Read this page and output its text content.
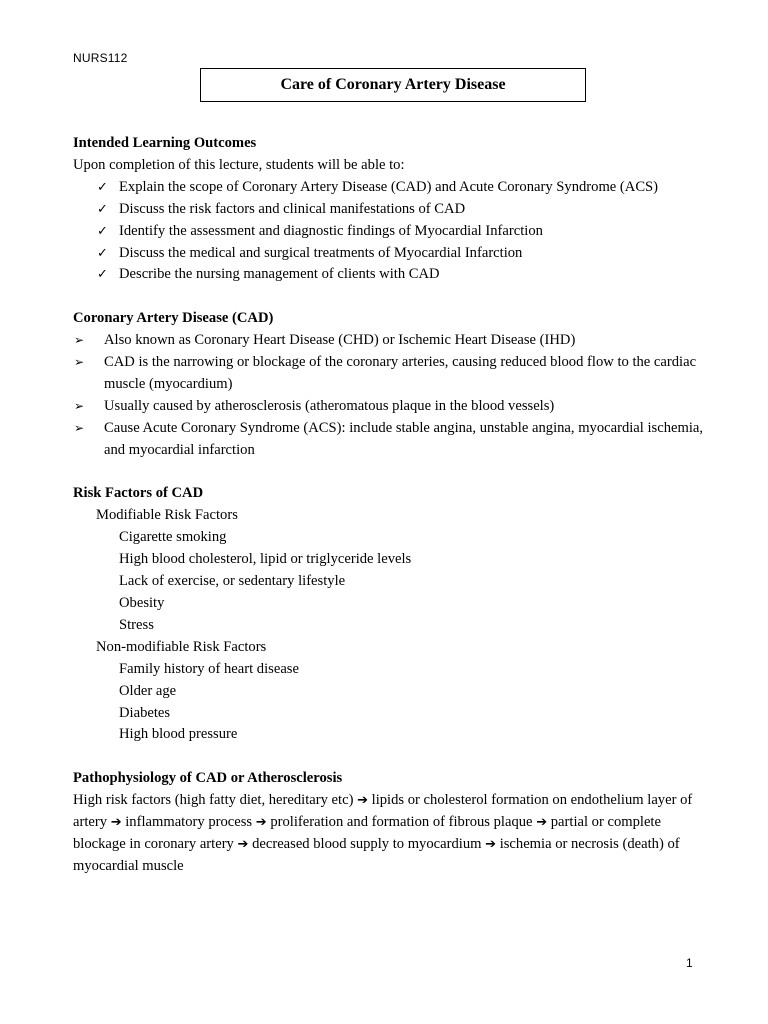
NURS112
Care of Coronary Artery Disease

Intended Learning Outcomes

Upon completion of this lecture, students will be able to:

✓ Explain the scope of Coronary Artery Disease (CAD) and Acute Coronary Syndrome (ACS)
✓ Discuss the risk factors and clinical manifestations of CAD
✓ Identify the assessment and diagnostic findings of Myocardial Infarction
✓ Discuss the medical and surgical treatments of Myocardial Infarction
✓ Describe the nursing management of clients with CAD

Coronary Artery Disease (CAD)

➢ Also known as Coronary Heart Disease (CHD) or Ischemic Heart Disease (IHD)
➢ CAD is the narrowing or blockage of the coronary arteries, causing reduced blood flow to the cardiac muscle (myocardium)
➢ Usually caused by atherosclerosis (atheromatous plaque in the blood vessels)
➢ Cause Acute Coronary Syndrome (ACS): include stable angina, unstable angina, myocardial ischemia, and myocardial infarction

Risk Factors of CAD

Modifiable Risk Factors

Cigarette smoking

High blood cholesterol, lipid or triglyceride levels

Lack of exercise, or sedentary lifestyle

Obesity

Stress

Non-modifiable Risk Factors

Family history of heart disease

Older age

Diabetes

High blood pressure

Pathophysiology of CAD or Atherosclerosis

High risk factors (high fatty diet, hereditary etc) ➔ lipids or cholesterol formation on endothelium layer of artery ➔ inflammatory process ➔ proliferation and formation of fibrous plaque ➔ partial or complete blockage in coronary artery ➔ decreased blood supply to myocardium ➔ ischemia or necrosis (death) of myocardial muscle

1
